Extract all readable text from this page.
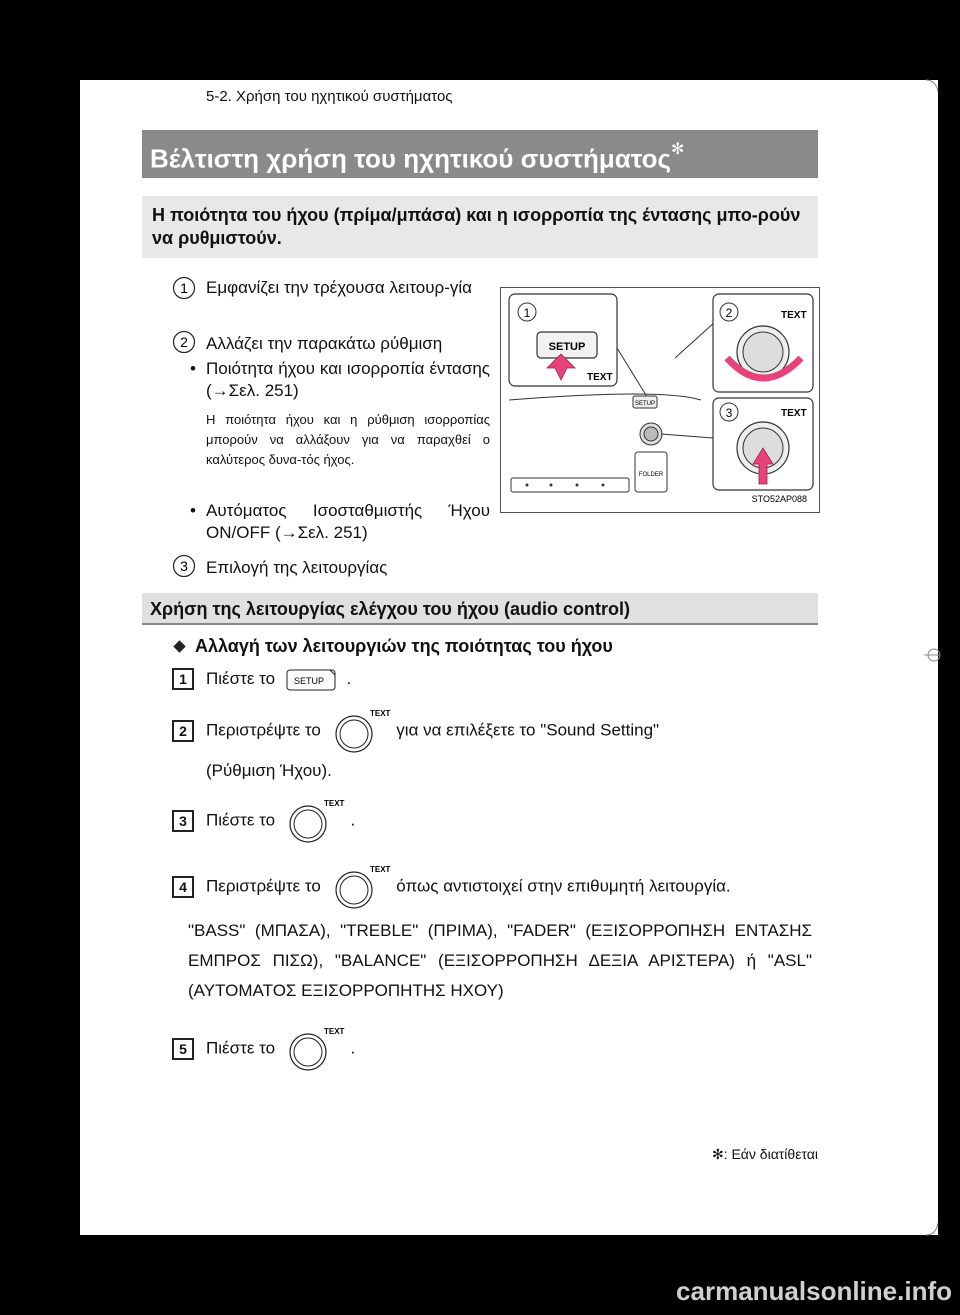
5-2. Χρήση του ηχητικού συστήματος
Βέλτιστη χρήση του ηχητικού συστήματος✻
Η ποιότητα του ήχου (πρίμα/μπάσα) και η ισορροπία της έντασης μπο-ρούν να ρυθμιστούν.
1 Εμφανίζει την τρέχουσα λειτουρ-γία
2 Αλλάζει την παρακάτω ρύθμιση
• Ποιότητα ήχου και ισορροπία έντασης (→Σελ. 251)
Η ποιότητα ήχου και η ρύθμιση ισορροπίας μπορούν να αλλάξουν για να παραχθεί ο καλύτερος δυνα-τός ήχος.
• Αυτόματος Ισοσταθμιστής Ήχου ON/OFF (→Σελ. 251)
3 Επιλογή της λειτουργίας
1
SETUP
TEXT
SETUP
FOLDER
2	TEXT
3	TEXT
STO52AP088
Χρήση της λειτουργίας ελέγχου του ήχου (audio control)
Αλλαγή των λειτουργιών της ποιότητας του ήχου
1	Πιέστε το SETUP .
2	Περιστρέψτε το
TEXT
για να επιλέξετε το "Sound Setting"
(Ρύθμιση Ήχου).
3	Πιέστε το
TEXT
.
4	Περιστρέψτε το
TEXT
όπως αντιστοιχεί στην επιθυμητή λειτουργία.
"BASS" (ΜΠΑΣΑ), "TREBLE" (ΠΡΙΜΑ), "FADER" (ΕΞΙΣΟΡΡΟΠΗΣΗ ΕΝΤΑΣΗΣ ΕΜΠΡΟΣ ΠΙΣΩ), "BALANCE" (ΕΞΙΣΟΡΡΟΠΗΣΗ ΔΕΞΙΑ ΑΡΙΣΤΕΡΑ) ή "ASL" (ΑΥΤΟΜΑΤΟΣ ΕΞΙΣΟΡΡΟΠΗΤΗΣ ΗΧΟΥ)
5	Πιέστε το
TEXT
.
✻: Εάν διατίθεται
carmanualsonline.info
